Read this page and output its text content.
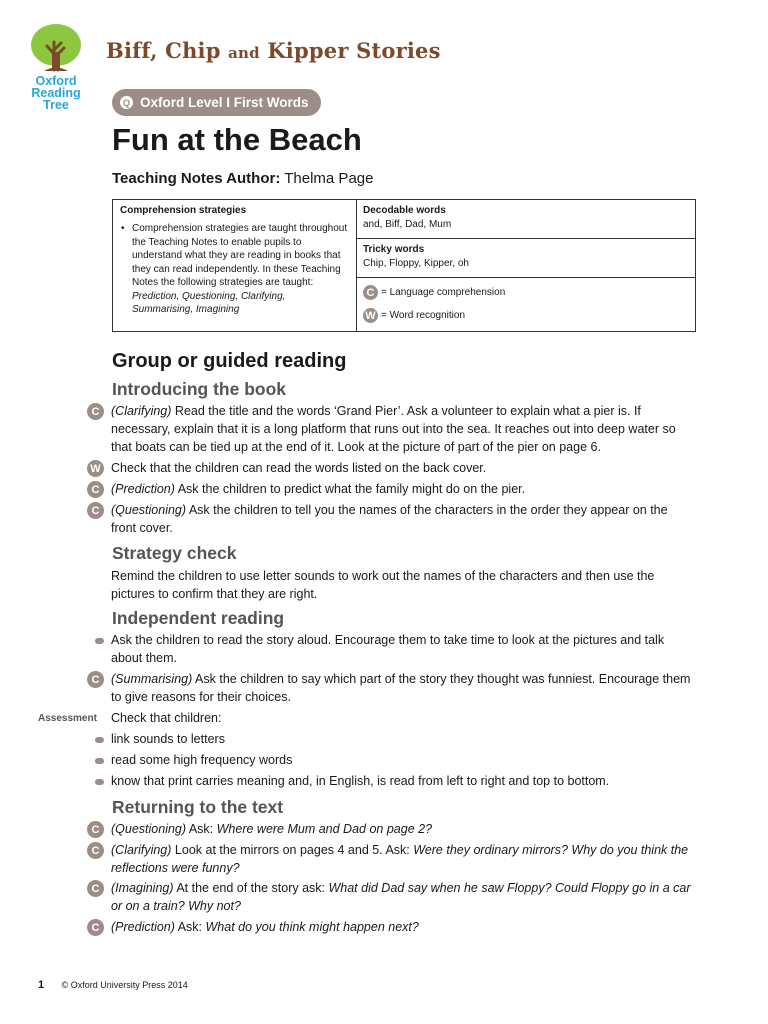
Oxford
Reading
Tree
Biff, Chip and Kipper Stories
Q Oxford Level I First Words
Fun at the Beach
Teaching Notes Author: Thelma Page
Comprehension strategies
• Comprehension strategies are taught throughout the Teaching Notes to enable pupils to understand what they are reading in books that they can read independently. In these Teaching Notes the following strategies are taught:
Prediction, Questioning, Clarifying, Summarising, Imagining
Decodable words

and, Biff, Dad, Mum

Tricky words

Chip, Floppy, Kipper, oh

C = Language comprehension
W = Word recognition
Group or guided reading
Introducing the book
C (Clarifying) Read the title and the words ‘Grand Pier’. Ask a volunteer to explain what a pier is. If necessary, explain that it is a long platform that runs out into the sea. It reaches out into deep water so that boats can be tied up at the end of it. Look at the picture of part of the pier on page 6.

W Check that the children can read the words listed on the back cover.

C (Prediction) Ask the children to predict what the family might do on the pier.

C (Questioning) Ask the children to tell you the names of the characters in the order they appear on the front cover.

Strategy check

Remind the children to use letter sounds to work out the names of the characters and then use the pictures to confirm that they are right.

Independent reading

Ask the children to read the story aloud. Encourage them to take time to look at the pictures and talk about them.

C (Summarising) Ask the children to say which part of the story they thought was funniest. Encourage them to give reasons for their choices.

Assessment Check that children:

link sounds to letters

read some high frequency words

know that print carries meaning and, in English, is read from left to right and top to bottom.

Returning to the text
C (Questioning) Ask: Where were Mum and Dad on page 2?

C (Clarifying) Look at the mirrors on pages 4 and 5. Ask: Were they ordinary mirrors? Why do you think the reflections were funny?

C (Imagining) At the end of the story ask: What did Dad say when he saw Floppy? Could Floppy go in a car or on a train? Why not?

C (Prediction) Ask: What do you think might happen next?

1 © Oxford University Press 2014
